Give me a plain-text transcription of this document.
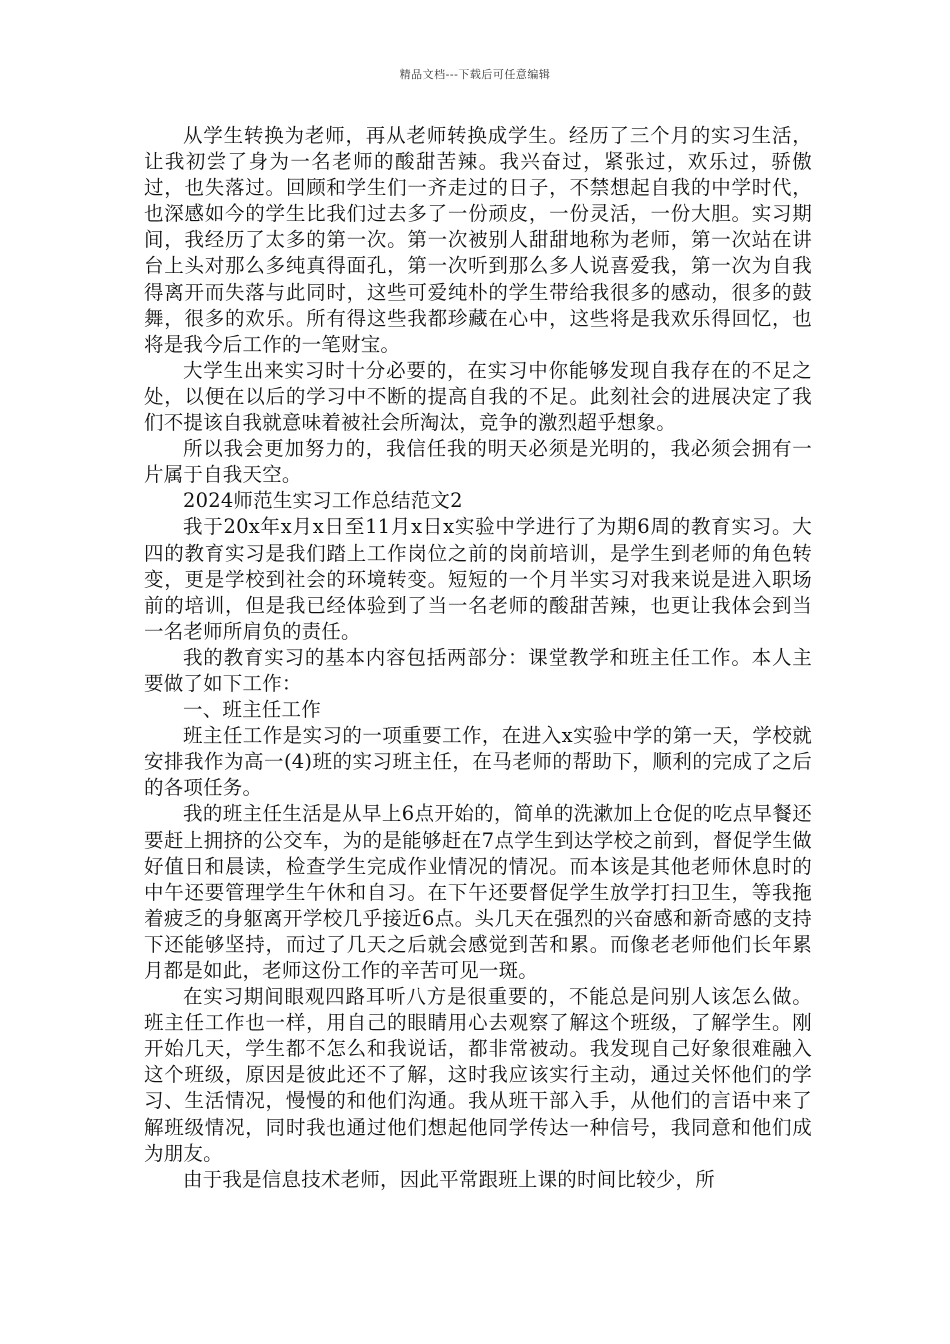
精品文档---下载后可任意编辑

从学生转换为老师，再从老师转换成学生。经历了三个月的实习生活，让我初尝了身为一名老师的酸甜苦辣。我兴奋过，紧张过，欢乐过，骄傲过，也失落过。回顾和学生们一齐走过的日子，不禁想起自我的中学时代，也深感如今的学生比我们过去多了一份顽皮，一份灵活，一份大胆。实习期间，我经历了太多的第一次。第一次被别人甜甜地称为老师，第一次站在讲台上头对那么多纯真得面孔，第一次听到那么多人说喜爱我，第一次为自我得离开而失落与此同时，这些可爱纯朴的学生带给我很多的感动，很多的鼓舞，很多的欢乐。所有得这些我都珍藏在心中，这些将是我欢乐得回忆，也将是我今后工作的一笔财宝。

大学生出来实习时十分必要的，在实习中你能够发现自我存在的不足之处，以便在以后的学习中不断的提高自我的不足。此刻社会的进展决定了我们不提该自我就意味着被社会所淘汰，竞争的激烈超乎想象。

所以我会更加努力的，我信任我的明天必须是光明的，我必须会拥有一片属于自我天空。

2024师范生实习工作总结范文2

我于20x年x月x日至11月x日x实验中学进行了为期6周的教育实习。大四的教育实习是我们踏上工作岗位之前的岗前培训，是学生到老师的角色转变，更是学校到社会的环境转变。短短的一个月半实习对我来说是进入职场前的培训，但是我已经体验到了当一名老师的酸甜苦辣，也更让我体会到当一名老师所肩负的责任。

我的教育实习的基本内容包括两部分：课堂教学和班主任工作。本人主要做了如下工作：

一、班主任工作

班主任工作是实习的一项重要工作，在进入x实验中学的第一天，学校就安排我作为高一(4)班的实习班主任，在马老师的帮助下，顺利的完成了之后的各项任务。

我的班主任生活是从早上6点开始的，简单的洗漱加上仓促的吃点早餐还要赶上拥挤的公交车，为的是能够赶在7点学生到达学校之前到，督促学生做好值日和晨读，检查学生完成作业情况的情况。而本该是其他老师休息时的中午还要管理学生午休和自习。在下午还要督促学生放学打扫卫生，等我拖着疲乏的身躯离开学校几乎接近6点。头几天在强烈的兴奋感和新奇感的支持下还能够坚持，而过了几天之后就会感觉到苦和累。而像老老师他们长年累月都是如此，老师这份工作的辛苦可见一斑。

在实习期间眼观四路耳听八方是很重要的，不能总是问别人该怎么做。班主任工作也一样，用自己的眼睛用心去观察了解这个班级，了解学生。刚开始几天，学生都不怎么和我说话，都非常被动。我发现自己好象很难融入这个班级，原因是彼此还不了解，这时我应该实行主动，通过关怀他们的学习、生活情况，慢慢的和他们沟通。我从班干部入手，从他们的言语中来了解班级情况，同时我也通过他们想起他同学传达一种信号，我同意和他们成为朋友。

由于我是信息技术老师，因此平常跟班上课的时间比较少，所
